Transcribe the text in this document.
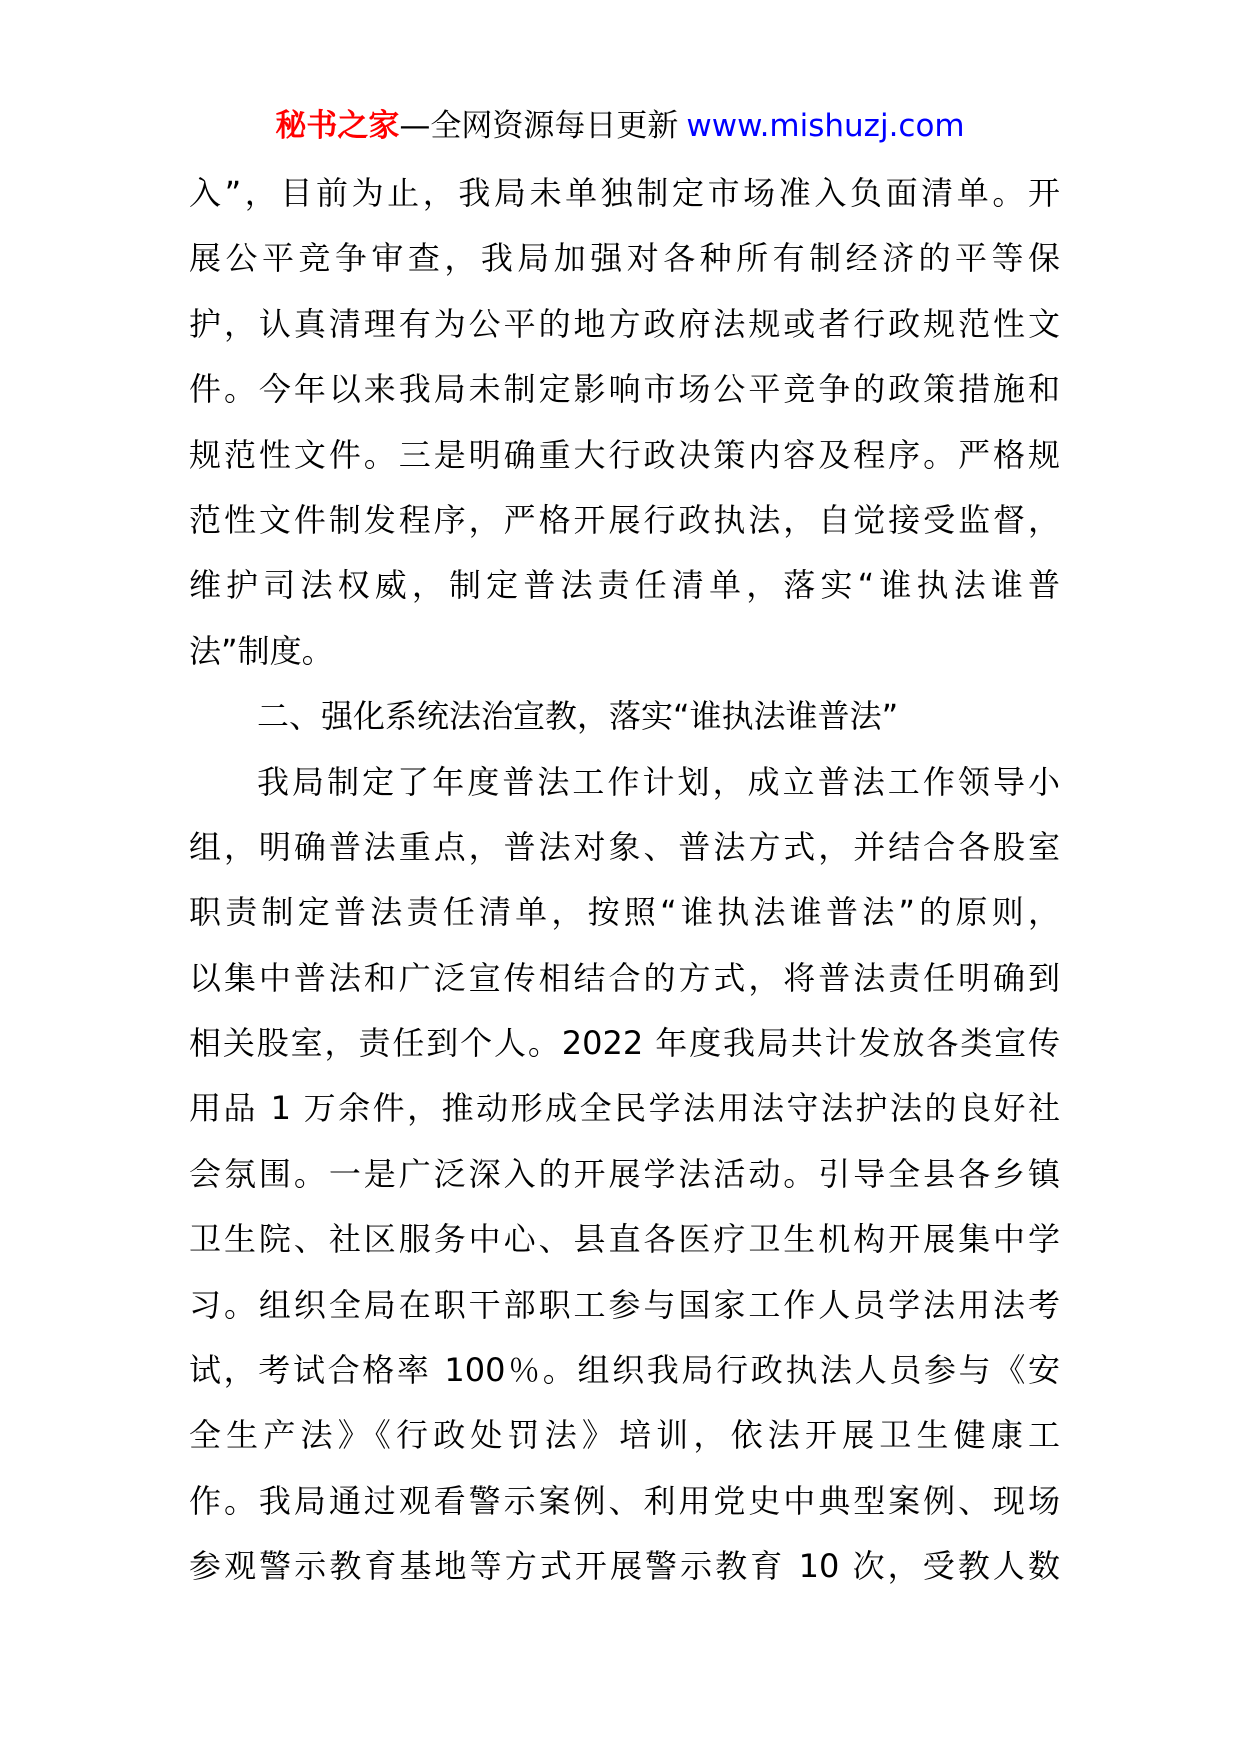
秘书之家—全网资源每日更新 www.mishuzj.com
入”，目前为止，我局未单独制定市场准入负面清单。开
展公平竞争审查，我局加强对各种所有制经济的平等保
护，认真清理有为公平的地方政府法规或者行政规范性文
件。今年以来我局未制定影响市场公平竞争的政策措施和
规范性文件。三是明确重大行政决策内容及程序。严格规
范性文件制发程序，严格开展行政执法，自觉接受监督，
维护司法权威，制定普法责任清单，落实“谁执法谁普
法”制度。
二、强化系统法治宣教，落实“谁执法谁普法”
我局制定了年度普法工作计划，成立普法工作领导小
组，明确普法重点，普法对象、普法方式，并结合各股室
职责制定普法责任清单，按照“谁执法谁普法”的原则，
以集中普法和广泛宣传相结合的方式，将普法责任明确到
相关股室，责任到个人。2022 年度我局共计发放各类宣传
用品 1 万余件，推动形成全民学法用法守法护法的良好社
会氛围。一是广泛深入的开展学法活动。引导全县各乡镇
卫生院、社区服务中心、县直各医疗卫生机构开展集中学
习。组织全局在职干部职工参与国家工作人员学法用法考
试，考试合格率 100％。组织我局行政执法人员参与《安
全生产法》《行政处罚法》培训，依法开展卫生健康工
作。我局通过观看警示案例、利用党史中典型案例、现场
参观警示教育基地等方式开展警示教育 10 次，受教人数
